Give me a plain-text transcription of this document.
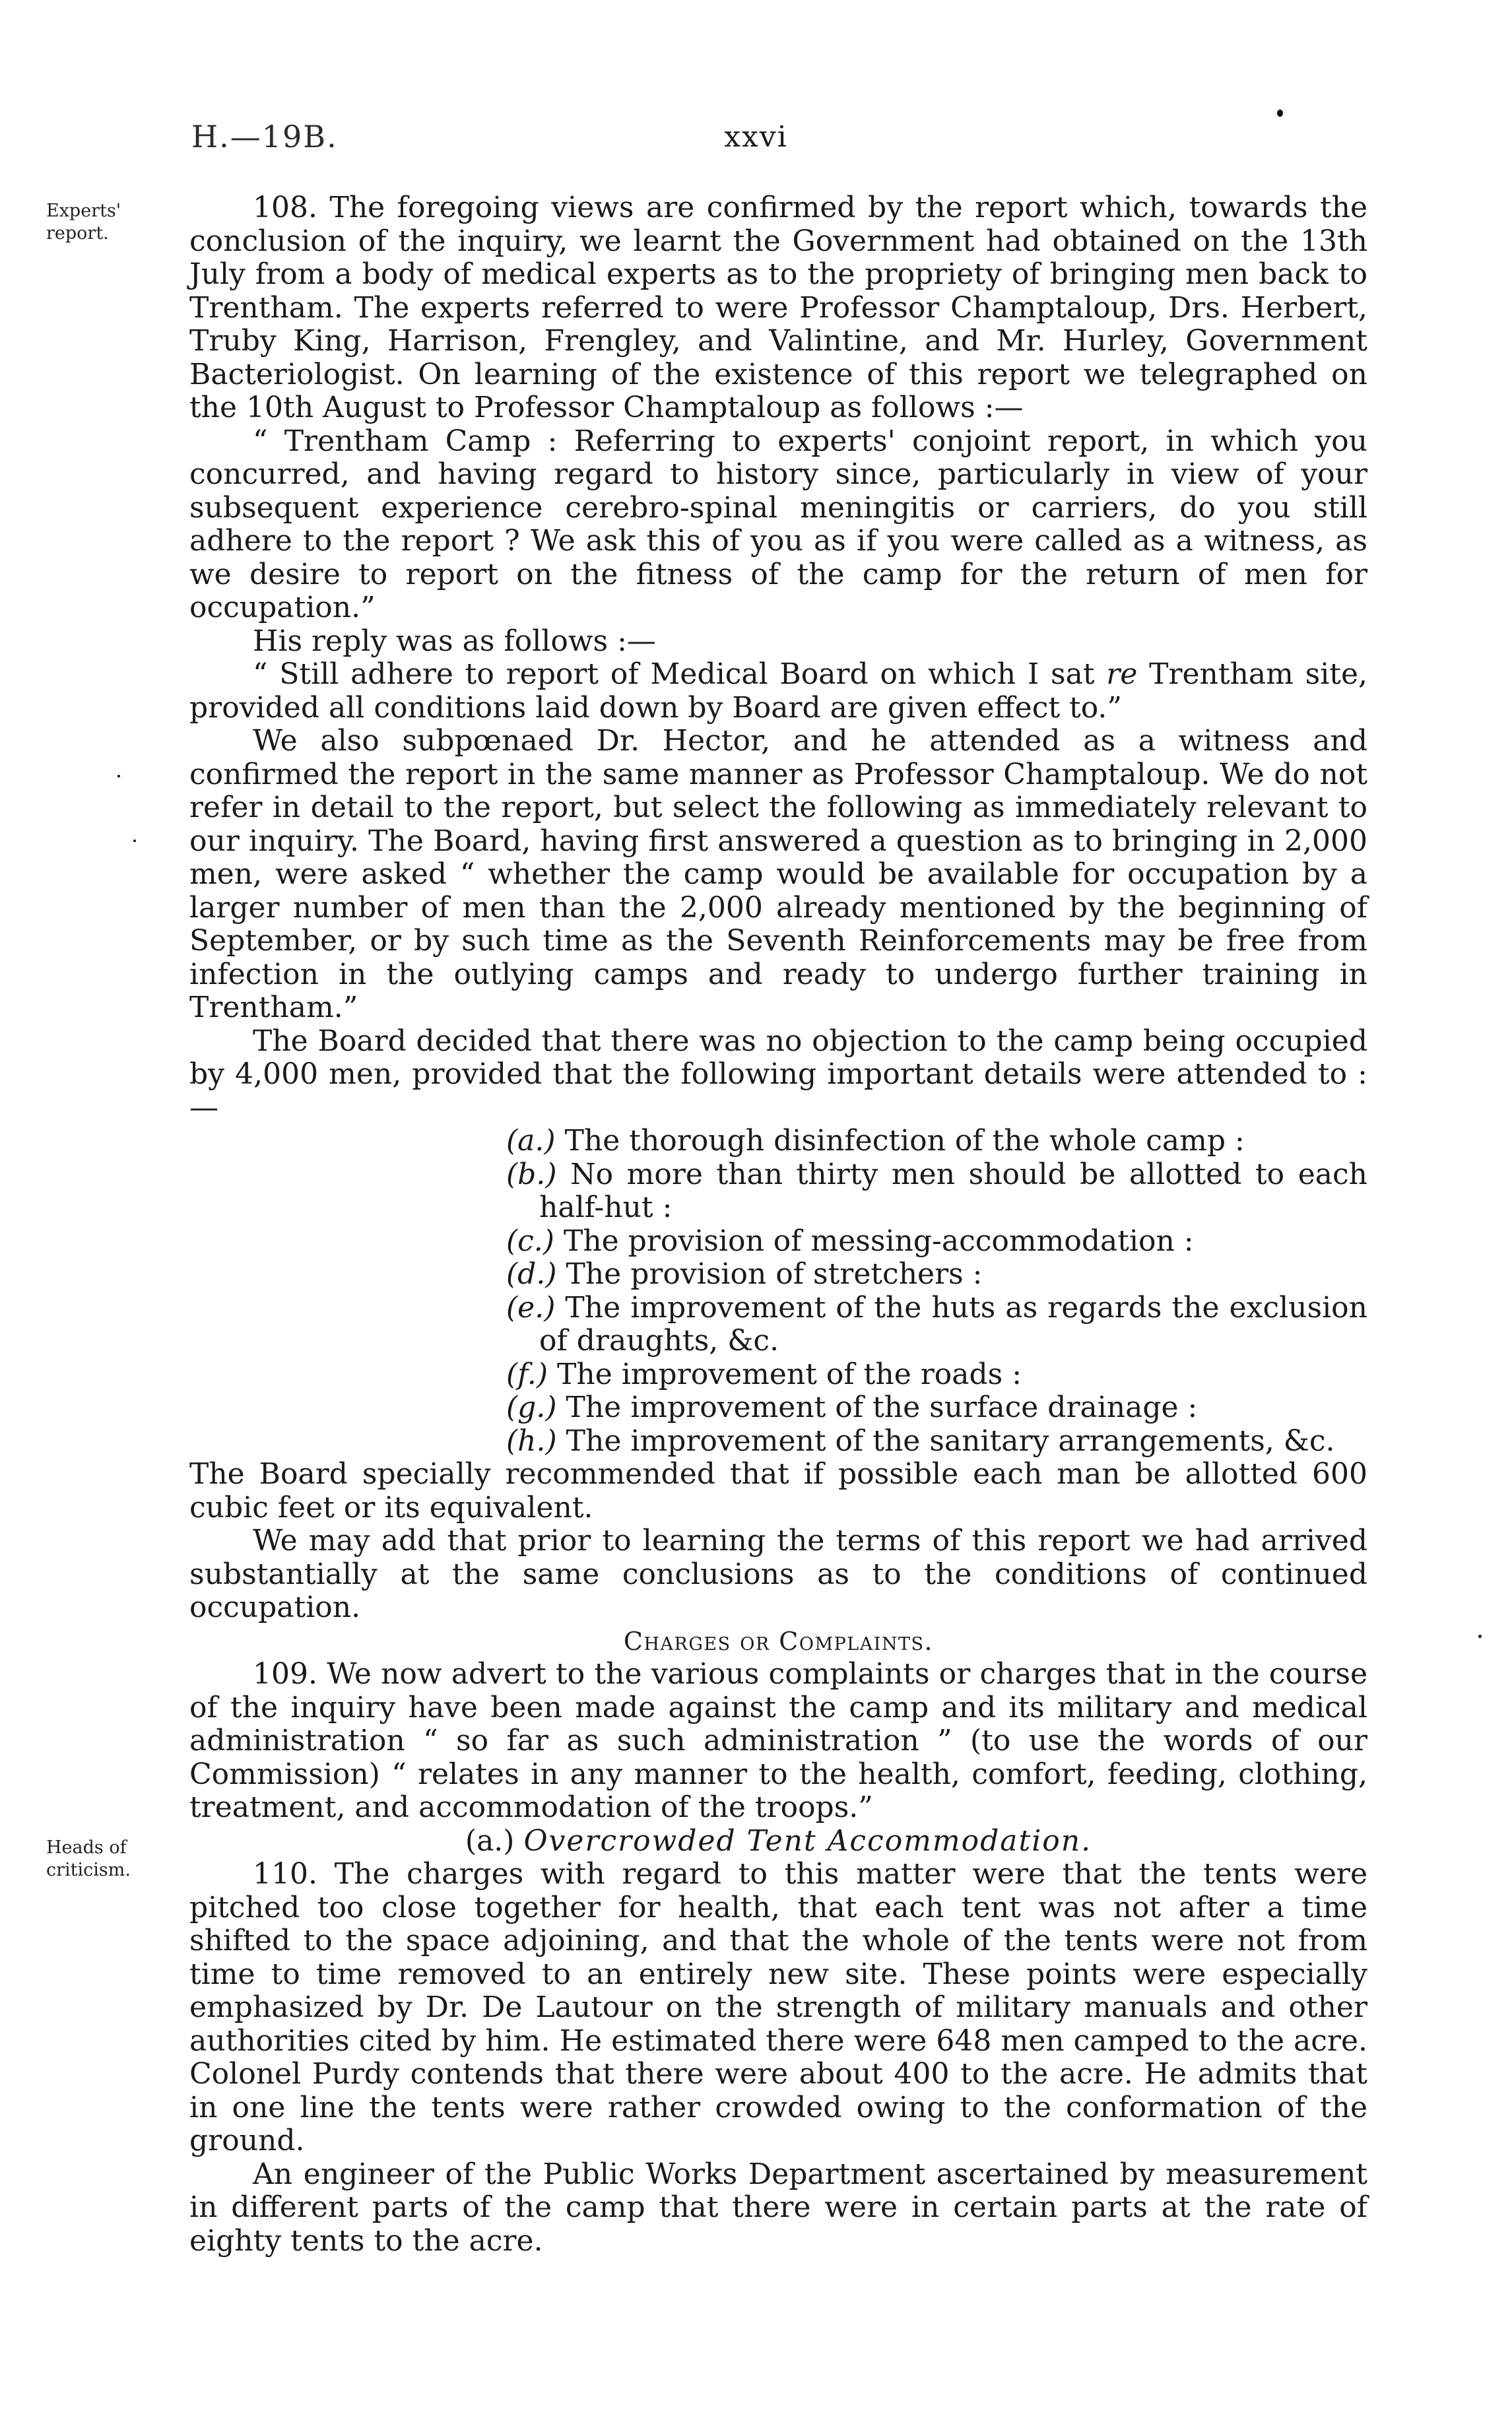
H.—19B.	xxvi
Experts' report.
Heads of criticism.

108. The foregoing views are confirmed by the report which, towards the conclusion of the inquiry, we learnt the Government had obtained on the 13th July from a body of medical experts as to the propriety of bringing men back to Trentham. The experts referred to were Professor Champtaloup, Drs. Herbert, Truby King, Harrison, Frengley, and Valintine, and Mr. Hurley, Government Bacteriologist. On learning of the existence of this report we telegraphed on the 10th August to Professor Champtaloup as follows :—

“ Trentham Camp : Referring to experts' conjoint report, in which you concurred, and having regard to history since, particularly in view of your subsequent experience cerebro-spinal meningitis or carriers, do you still adhere to the report ? We ask this of you as if you were called as a witness, as we desire to report on the fitness of the camp for the return of men for occupation.”

His reply was as follows :—

“ Still adhere to report of Medical Board on which I sat re Trentham site, provided all conditions laid down by Board are given effect to.”

We also subpœnaed Dr. Hector, and he attended as a witness and confirmed the report in the same manner as Professor Champtaloup. We do not refer in detail to the report, but select the following as immediately relevant to our inquiry. The Board, having first answered a question as to bringing in 2,000 men, were asked “ whether the camp would be available for occupation by a larger number of men than the 2,000 already mentioned by the beginning of September, or by such time as the Seventh Reinforcements may be free from infection in the outlying camps and ready to undergo further training in Trentham.”

The Board decided that there was no objection to the camp being occupied by 4,000 men, provided that the following important details were attended to :—

(a.) The thorough disinfection of the whole camp :
(b.) No more than thirty men should be allotted to each half-hut :
(c.) The provision of messing-accommodation :
(d.) The provision of stretchers :
(e.) The improvement of the huts as regards the exclusion of draughts, &c.
(f.) The improvement of the roads :
(g.) The improvement of the surface drainage :
(h.) The improvement of the sanitary arrangements, &c.

The Board specially recommended that if possible each man be allotted 600 cubic feet or its equivalent.

We may add that prior to learning the terms of this report we had arrived substantially at the same conclusions as to the conditions of continued occupation.

Charges or Complaints.

109. We now advert to the various complaints or charges that in the course of the inquiry have been made against the camp and its military and medical administration “ so far as such administration ” (to use the words of our Commission) “ relates in any manner to the health, comfort, feeding, clothing, treatment, and accommodation of the troops.”

(a.) Overcrowded Tent Accommodation.

110. The charges with regard to this matter were that the tents were pitched too close together for health, that each tent was not after a time shifted to the space adjoining, and that the whole of the tents were not from time to time removed to an entirely new site. These points were especially emphasized by Dr. De Lautour on the strength of military manuals and other authorities cited by him. He estimated there were 648 men camped to the acre. Colonel Purdy contends that there were about 400 to the acre. He admits that in one line the tents were rather crowded owing to the conformation of the ground.

An engineer of the Public Works Department ascertained by measurement in different parts of the camp that there were in certain parts at the rate of eighty tents to the acre.
